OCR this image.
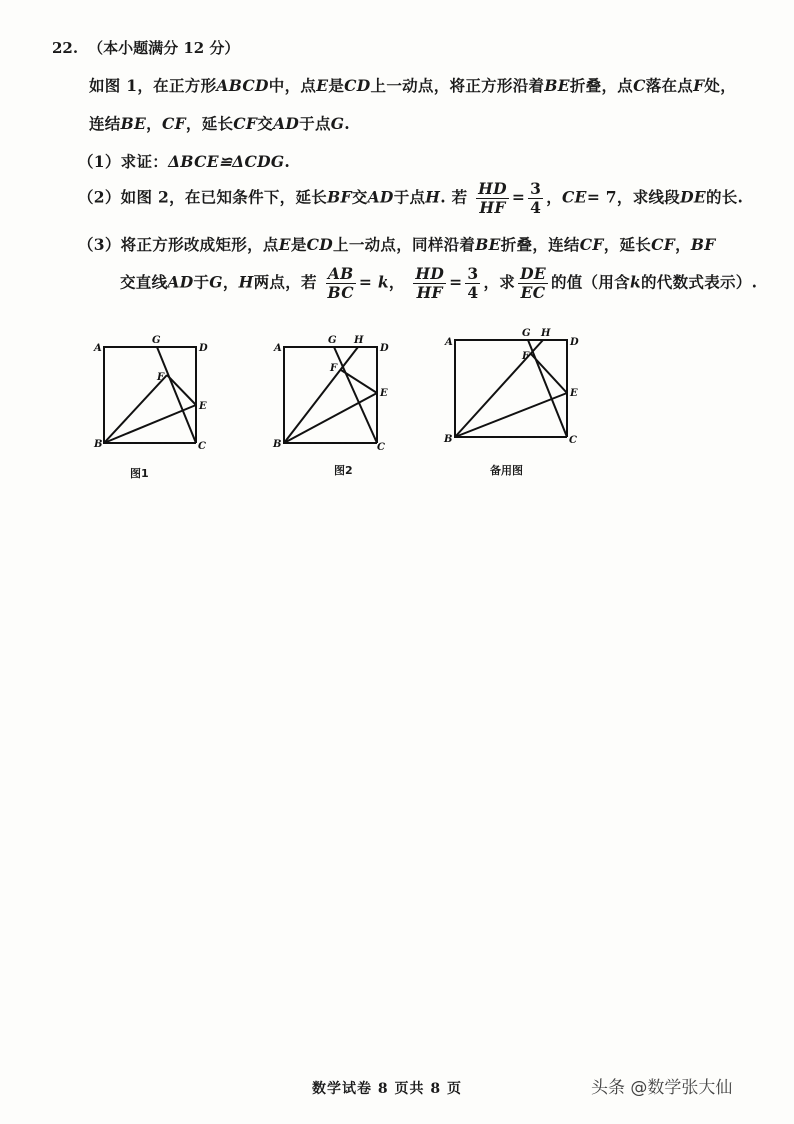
22. （本小题满分 12 分）
如图 1，在正方形ABCD中，点E是CD上一动点，将正方形沿着BE折叠，点C落在点F处，
连结BE，CF，延长CF交AD于点G.
（1）求证：ΔBCE≌ΔCDG.
（2）如图 2，在已知条件下，延长BF交AD于点H. 若 $\frac{HD}{HF} = \frac{3}{4}$ ，CE= 7，求线段DE的长.
（3）将正方形改成矩形，点E是CD上一动点，同样沿着BE折叠，连结CF，延长CF，BF
交直线AD于G，H两点，若 $\frac{AB}{BC} = k$， $\frac{HD}{HF} = \frac{3}{4}$ ，求 $\frac{DE}{EC}$ 的值（用含k的代数式表示）.
A
B	C
D
E
F
G
A
B	C
D
E
F
G H	A
B	C
D
E
F
G H
图1	图2	备用图
数学试卷 8 页共 8 页	头条 @数学张大仙
